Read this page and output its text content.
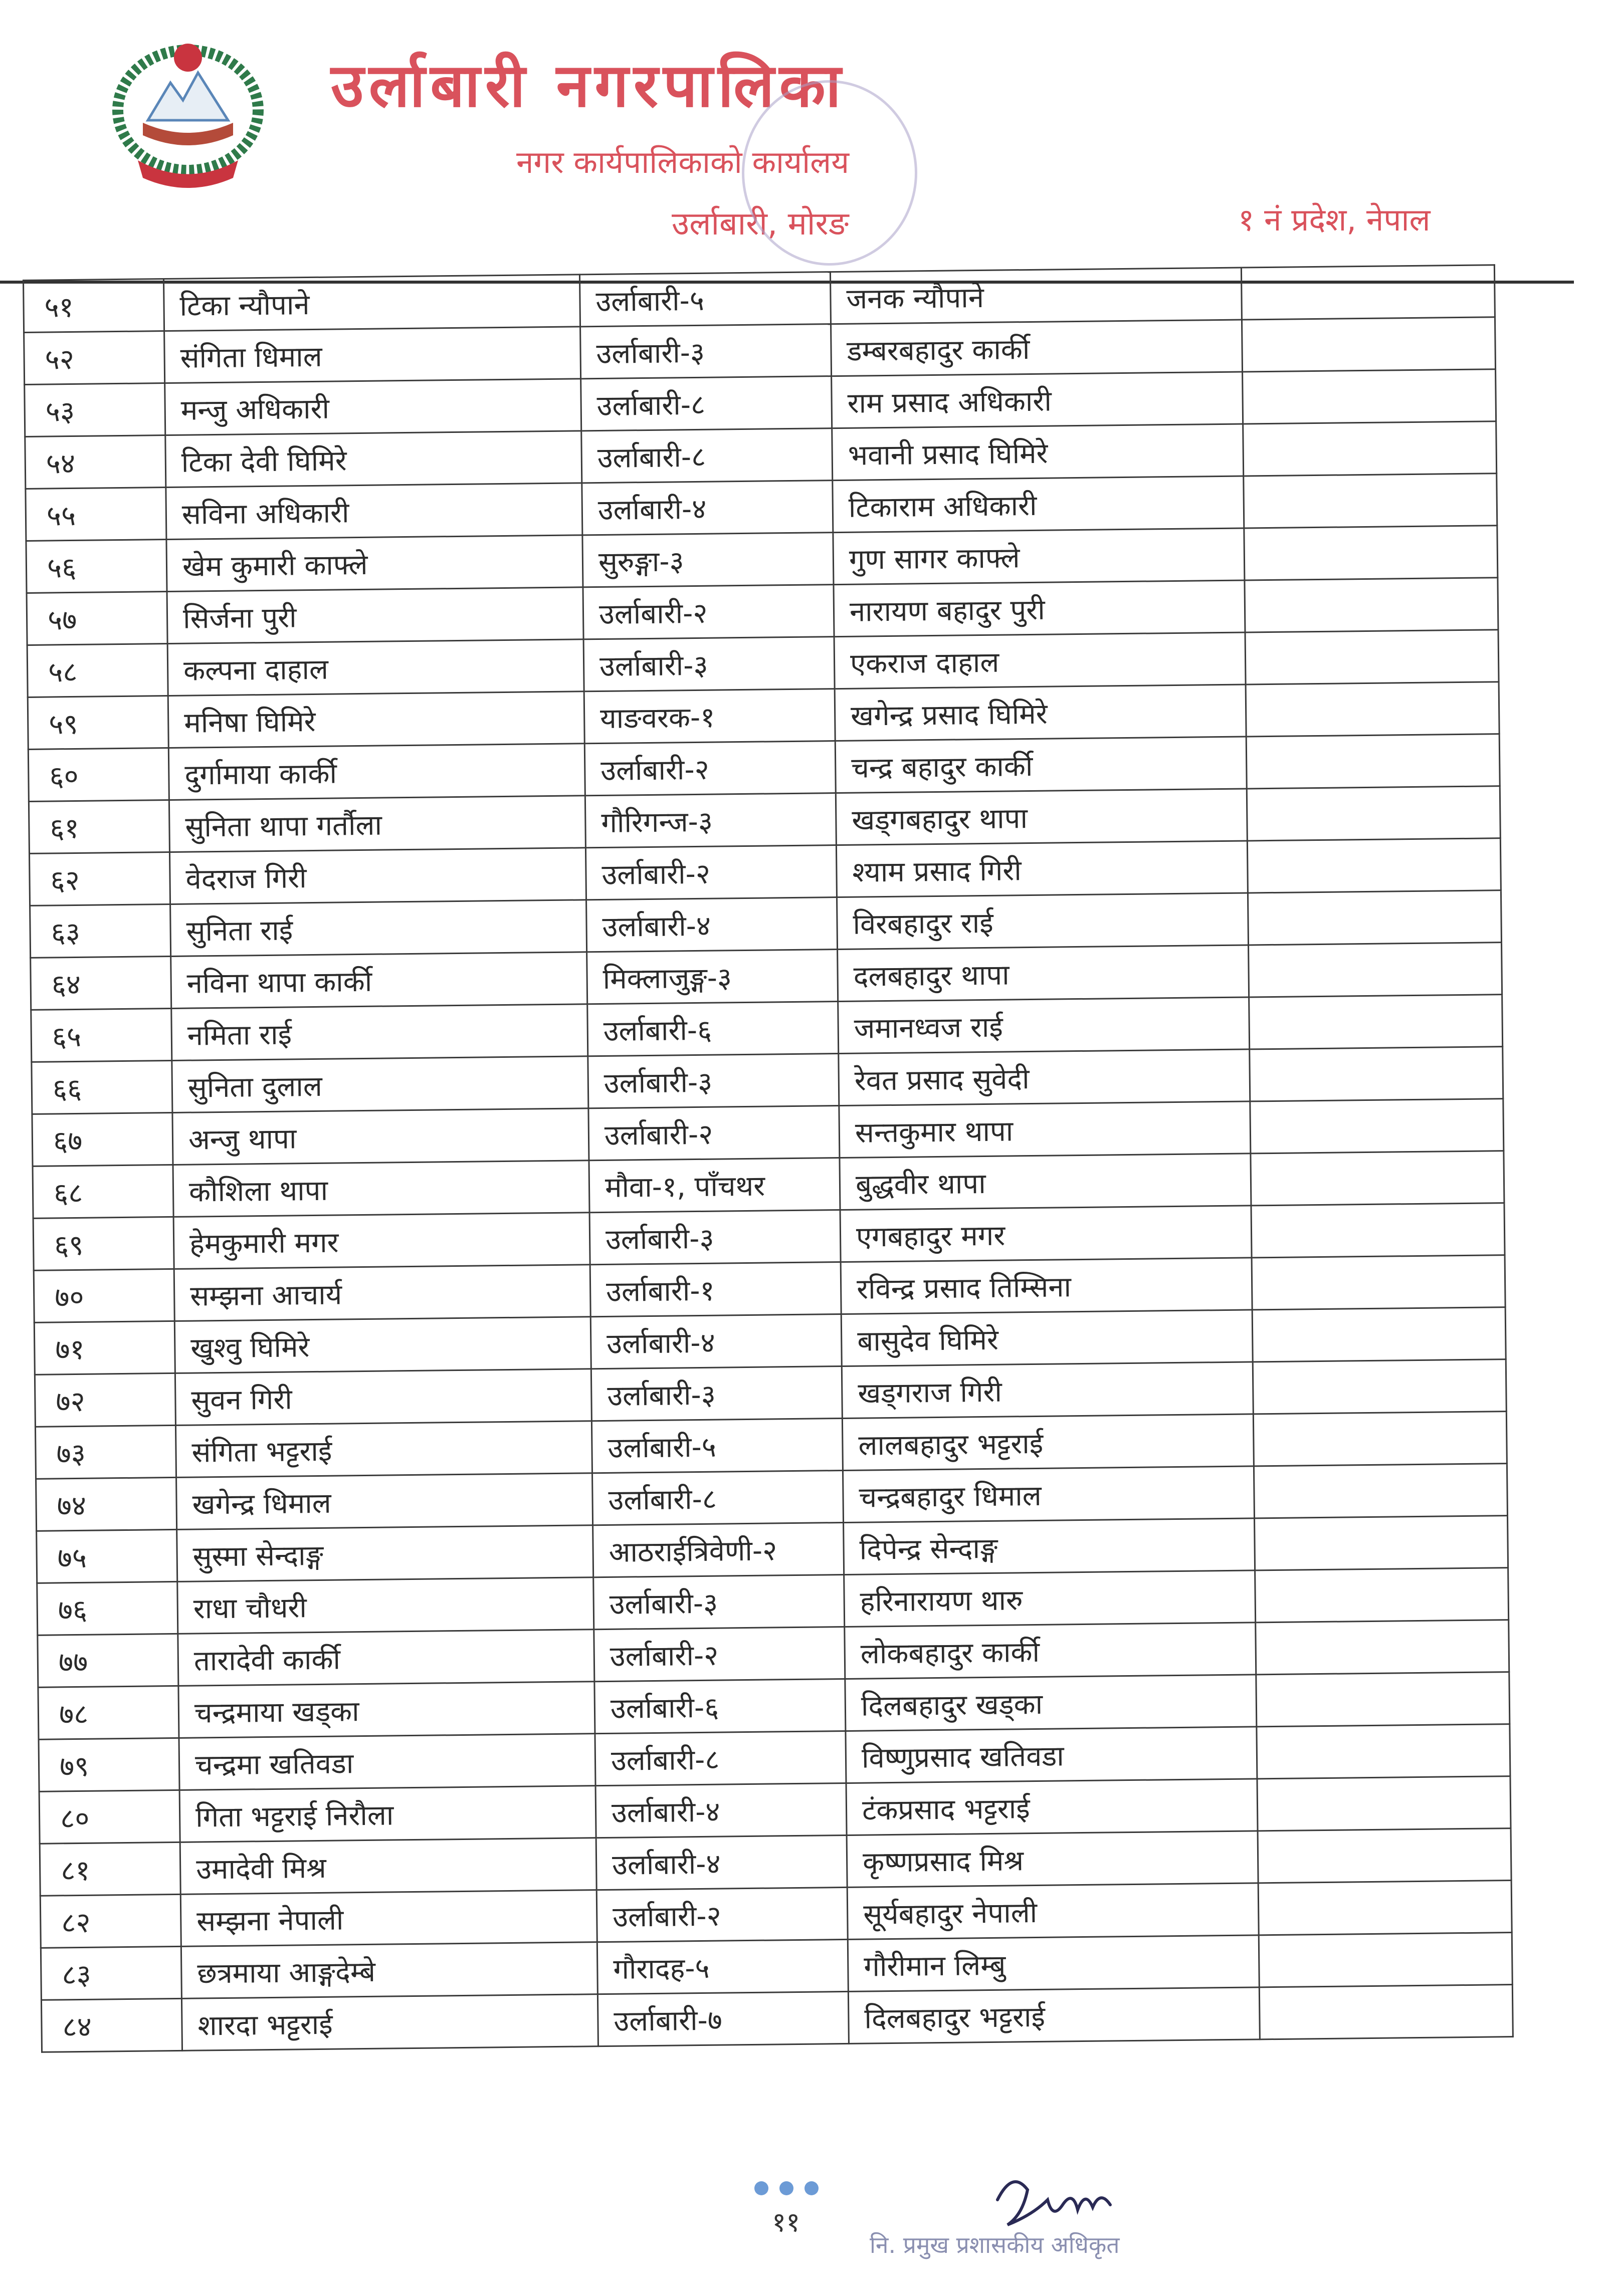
उर्लाबारी नगरपालिका
नगर कार्यपालिकाको कार्यालय
उर्लाबारी, मोरङ	१ नं प्रदेश, नेपाल
५१	टिका न्यौपाने	उर्लाबारी-५	जनक न्यौपाने	
५२	संगिता धिमाल	उर्लाबारी-३	डम्बरबहादुर कार्की	
५३	मन्जु अधिकारी	उर्लाबारी-८	राम प्रसाद अधिकारी	
५४	टिका देवी घिमिरे	उर्लाबारी-८	भवानी प्रसाद घिमिरे	
५५	सविना अधिकारी	उर्लाबारी-४	टिकाराम अधिकारी	
५६	खेम कुमारी काफ्ले	सुरुङ्गा-३	गुण सागर काफ्ले	
५७	सिर्जना पुरी	उर्लाबारी-२	नारायण बहादुर पुरी	
५८	कल्पना दाहाल	उर्लाबारी-३	एकराज दाहाल	
५९	मनिषा घिमिरे	याङवरक-१	खगेन्द्र प्रसाद घिमिरे	
६०	दुर्गामाया कार्की	उर्लाबारी-२	चन्द्र बहादुर कार्की	
६१	सुनिता थापा गर्तौला	गौरिगन्ज-३	खड्गबहादुर थापा	
६२	वेदराज गिरी	उर्लाबारी-२	श्याम प्रसाद गिरी	
६३	सुनिता राई	उर्लाबारी-४	विरबहादुर राई	
६४	नविना थापा कार्की	मिक्लाजुङ्ग-३	दलबहादुर थापा	
६५	नमिता राई	उर्लाबारी-६	जमानध्वज राई	
६६	सुनिता दुलाल	उर्लाबारी-३	रेवत प्रसाद सुवेदी	
६७	अन्जु थापा	उर्लाबारी-२	सन्तकुमार थापा	
६८	कौशिला थापा	मौवा-१, पाँचथर	बुद्धवीर थापा	
६९	हेमकुमारी मगर	उर्लाबारी-३	एगबहादुर मगर	
७०	सम्झना आचार्य	उर्लाबारी-१	रविन्द्र प्रसाद तिम्सिना	
७१	खुश्वु घिमिरे	उर्लाबारी-४	बासुदेव घिमिरे	
७२	सुवन गिरी	उर्लाबारी-३	खड्गराज गिरी	
७३	संगिता भट्टराई	उर्लाबारी-५	लालबहादुर भट्टराई	
७४	खगेन्द्र धिमाल	उर्लाबारी-८	चन्द्रबहादुर धिमाल	
७५	सुस्मा सेन्दाङ्ग	आठराईत्रिवेणी-२	दिपेन्द्र सेन्दाङ्ग	
७६	राधा चौधरी	उर्लाबारी-३	हरिनारायण थारु	
७७	तारादेवी कार्की	उर्लाबारी-२	लोकबहादुर कार्की	
७८	चन्द्रमाया खड्का	उर्लाबारी-६	दिलबहादुर खड्का	
७९	चन्द्रमा खतिवडा	उर्लाबारी-८	विष्णुप्रसाद खतिवडा	
८०	गिता भट्टराई निरौला	उर्लाबारी-४	टंकप्रसाद भट्टराई	
८१	उमादेवी मिश्र	उर्लाबारी-४	कृष्णप्रसाद मिश्र	
८२	सम्झना नेपाली	उर्लाबारी-२	सूर्यबहादुर नेपाली	
८३	छत्रमाया आङ्गदेम्बे	गौरादह-५	गौरीमान लिम्बु	
८४	शारदा भट्टराई	उर्लाबारी-७	दिलबहादुर भट्टराई	
११
नि. प्रमुख प्रशासकीय अधिकृत
